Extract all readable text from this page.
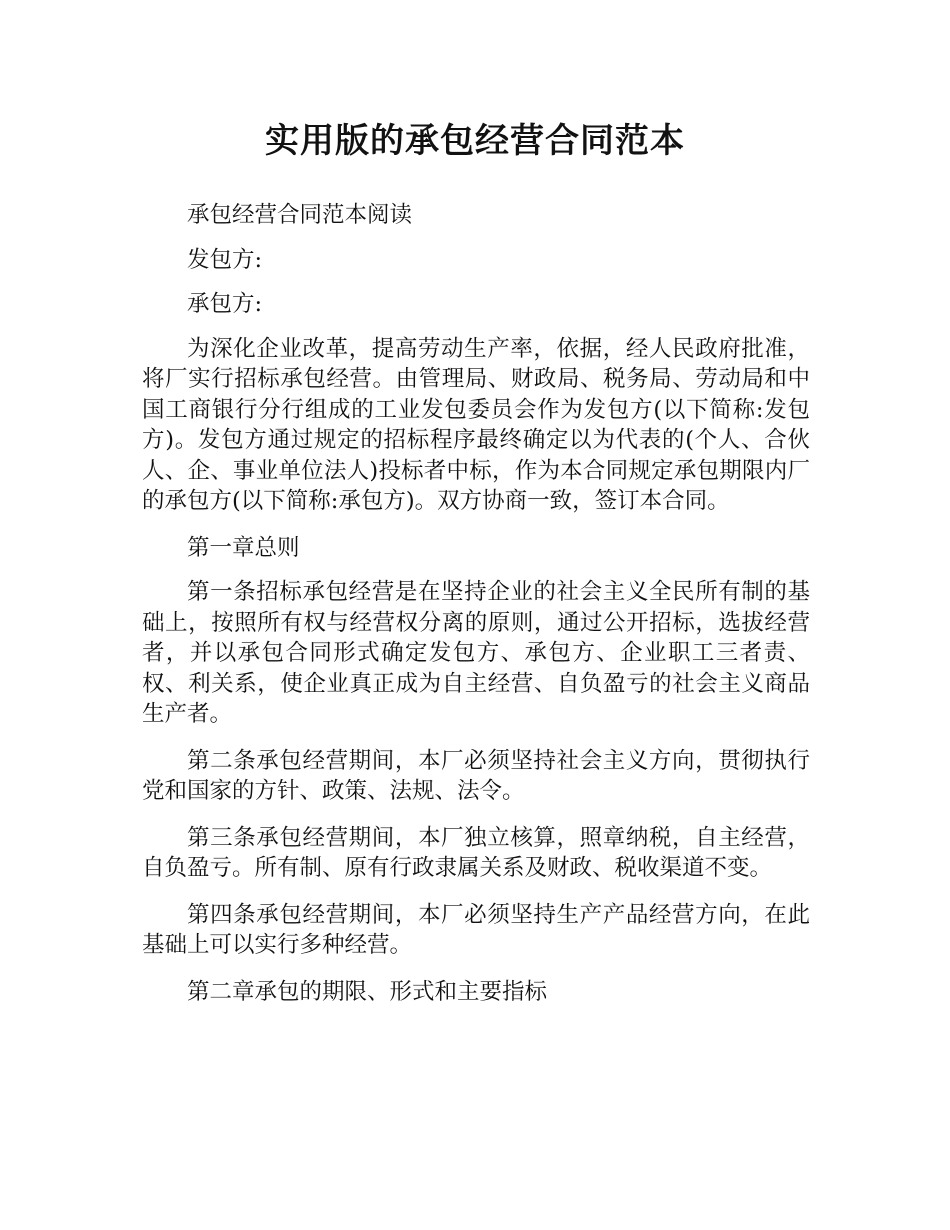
实用版的承包经营合同范本

承包经营合同范本阅读

发包方:

承包方:

为深化企业改革，提高劳动生产率，依据，经人民政府批准，将厂实行招标承包经营。由管理局、财政局、税务局、劳动局和中国工商银行分行组成的工业发包委员会作为发包方(以下简称:发包方)。发包方通过规定的招标程序最终确定以为代表的(个人、合伙人、企、事业单位法人)投标者中标，作为本合同规定承包期限内厂的承包方(以下简称:承包方)。双方协商一致，签订本合同。

第一章总则

第一条招标承包经营是在坚持企业的社会主义全民所有制的基础上，按照所有权与经营权分离的原则，通过公开招标，选拔经营者，并以承包合同形式确定发包方、承包方、企业职工三者责、权、利关系，使企业真正成为自主经营、自负盈亏的社会主义商品生产者。

第二条承包经营期间，本厂必须坚持社会主义方向，贯彻执行党和国家的方针、政策、法规、法令。

第三条承包经营期间，本厂独立核算，照章纳税，自主经营，自负盈亏。所有制、原有行政隶属关系及财政、税收渠道不变。

第四条承包经营期间，本厂必须坚持生产产品经营方向，在此基础上可以实行多种经营。

第二章承包的期限、形式和主要指标
